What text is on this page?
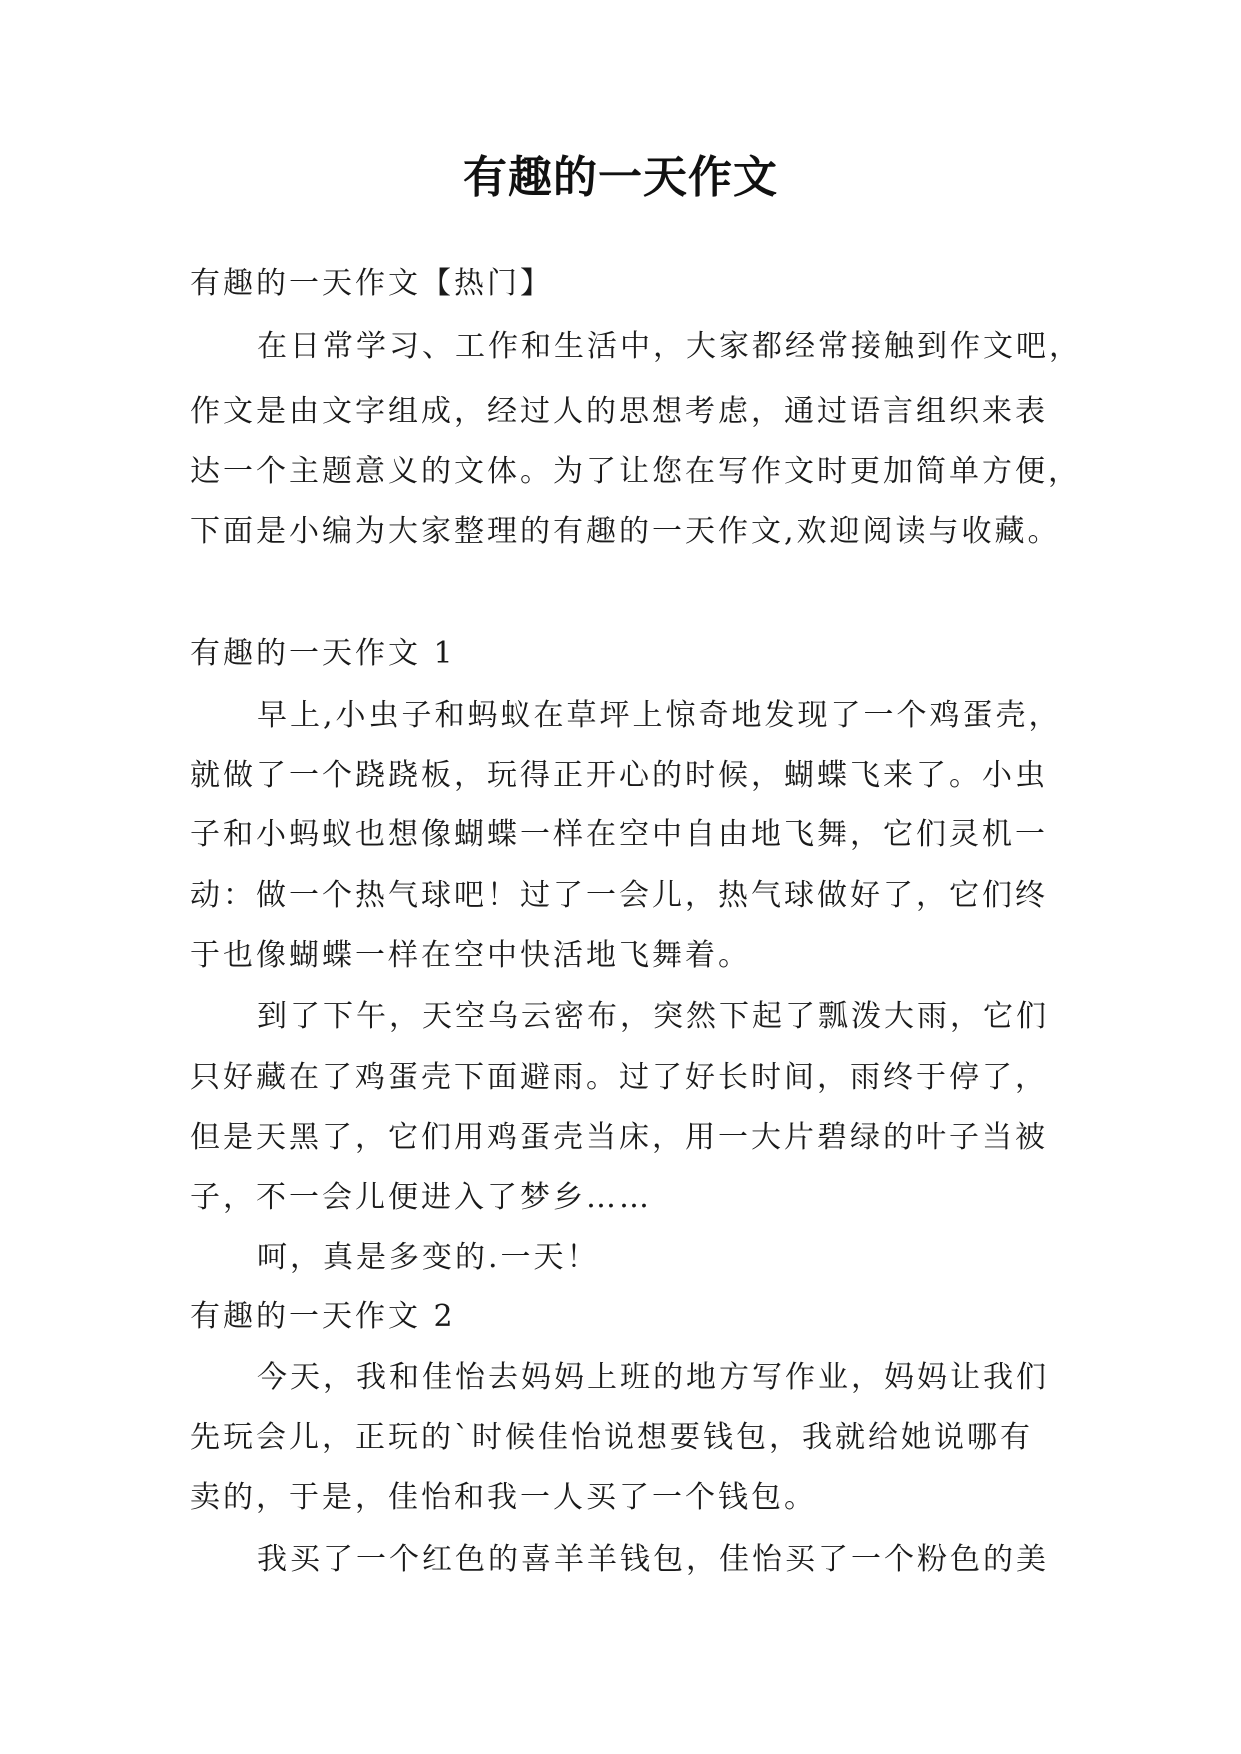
有趣的一天作文

有趣的一天作文【热门】

在日常学习、工作和生活中，大家都经常接触到作文吧，

作文是由文字组成，经过人的思想考虑，通过语言组织来表

达一个主题意义的文体。为了让您在写作文时更加简单方便，

下面是小编为大家整理的有趣的一天作文,欢迎阅读与收藏。

有趣的一天作文 1

早上,小虫子和蚂蚁在草坪上惊奇地发现了一个鸡蛋壳，

就做了一个跷跷板，玩得正开心的时候，蝴蝶飞来了。小虫

子和小蚂蚁也想像蝴蝶一样在空中自由地飞舞，它们灵机一

动：做一个热气球吧！过了一会儿，热气球做好了，它们终

于也像蝴蝶一样在空中快活地飞舞着。

到了下午，天空乌云密布，突然下起了瓢泼大雨，它们

只好藏在了鸡蛋壳下面避雨。过了好长时间，雨终于停了，

但是天黑了，它们用鸡蛋壳当床，用一大片碧绿的叶子当被

子，不一会儿便进入了梦乡……

呵，真是多变的.一天！

有趣的一天作文 2

今天，我和佳怡去妈妈上班的地方写作业，妈妈让我们

先玩会儿，正玩的`时候佳怡说想要钱包，我就给她说哪有

卖的，于是，佳怡和我一人买了一个钱包。

我买了一个红色的喜羊羊钱包，佳怡买了一个粉色的美
